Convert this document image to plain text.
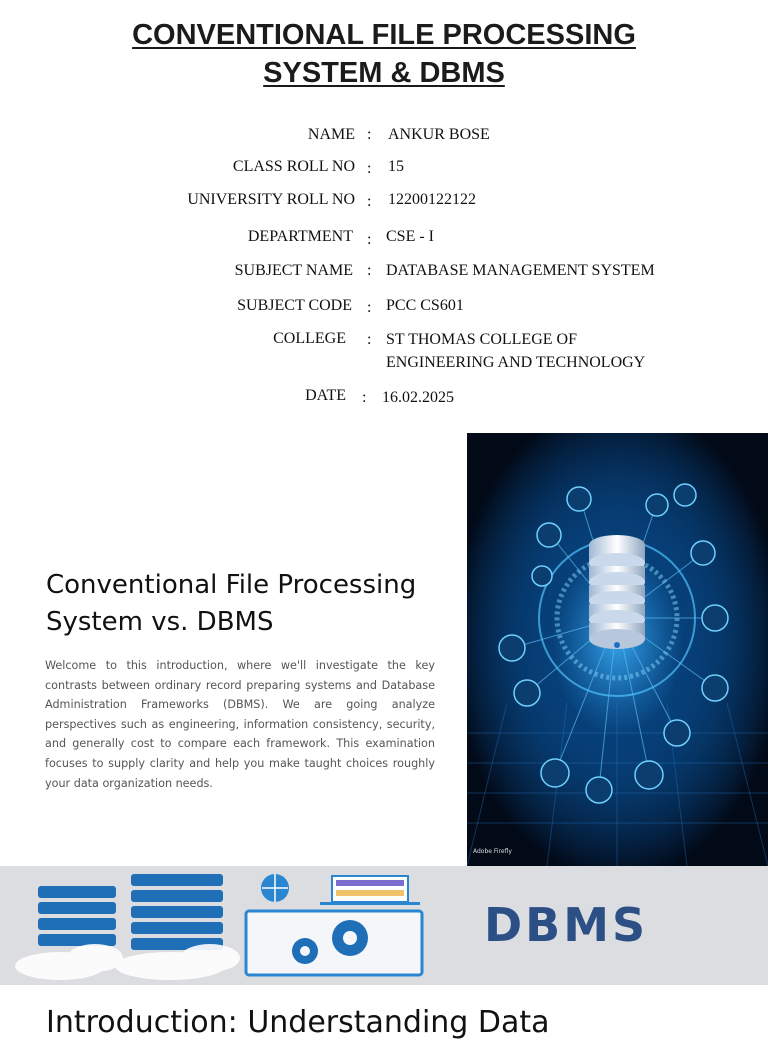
CONVENTIONAL FILE PROCESSING
SYSTEM & DBMS
NAME : ANKUR BOSE
CLASS ROLL NO : 15
UNIVERSITY ROLL NO : 12200122122
DEPARTMENT : CSE - I
SUBJECT NAME : DATABASE MANAGEMENT SYSTEM
SUBJECT CODE : PCC CS601
COLLEGE : ST THOMAS COLLEGE OF
ENGINEERING AND TECHNOLOGY
DATE : 16.02.2025
Conventional File Processing System vs. DBMS
Welcome to this introduction, where we'll investigate the key contrasts between ordinary record preparing systems and Database Administration Frameworks (DBMS). We are going analyze perspectives such as engineering, information consistency, security, and generally cost to compare each framework. This examination focuses to supply clarity and help you make taught choices roughly your data organization needs.
Adobe Firefly
DBMS
Introduction: Understanding Data
